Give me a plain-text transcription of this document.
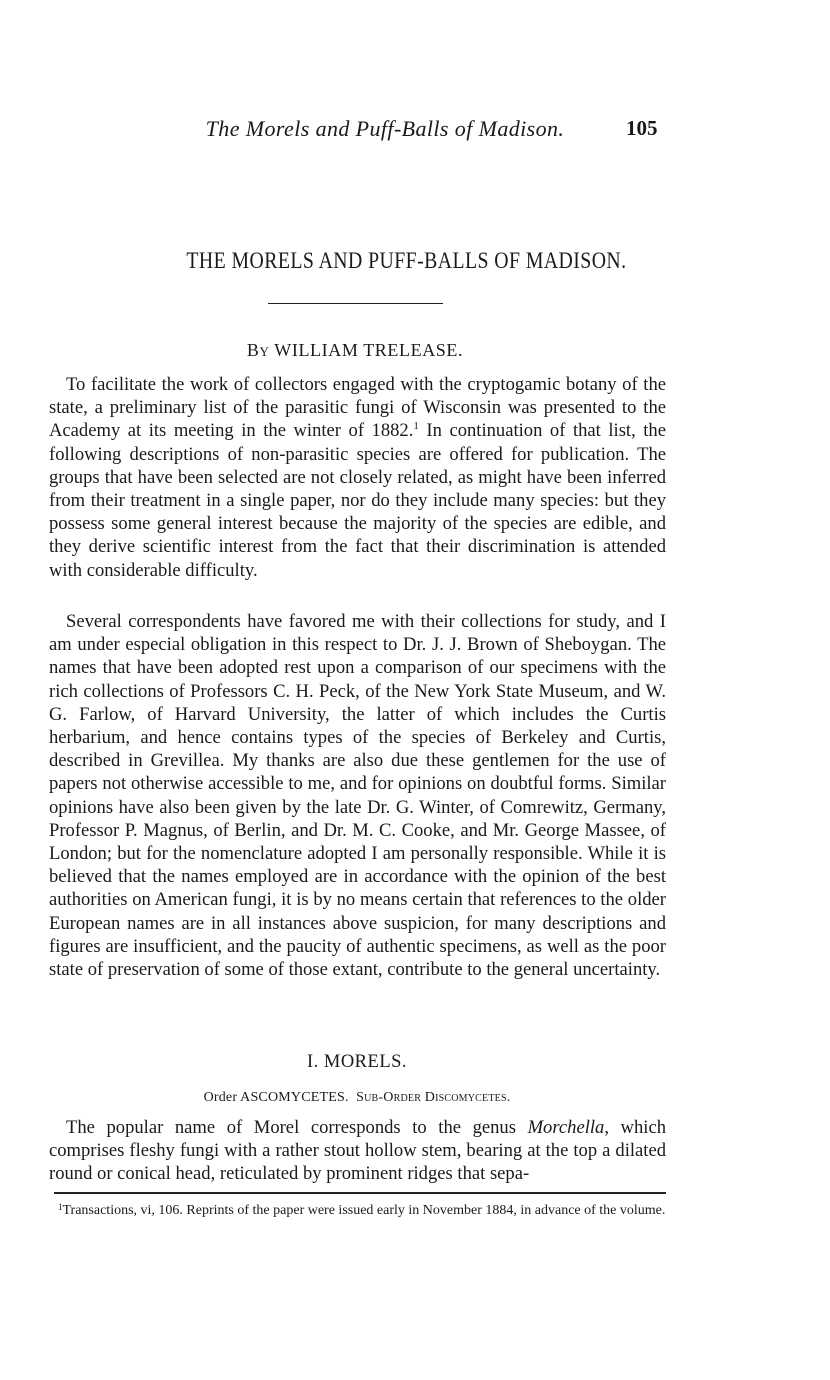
The Morels and Puff-Balls of Madison.	105
THE MORELS AND PUFF-BALLS OF MADISON.
By WILLIAM TRELEASE.

To facilitate the work of collectors engaged with the cryptogamic botany of the state, a preliminary list of the parasitic fungi of Wisconsin was presented to the Academy at its meeting in the winter of 1882.$^1$ In continuation of that list, the following descriptions of non-parasitic species are offered for publication. The groups that have been selected are not closely related, as might have been inferred from their treatment in a single paper, nor do they include many species: but they possess some general interest because the majority of the species are edible, and they derive scientific interest from the fact that their discrimination is attended with considerable difficulty.

Several correspondents have favored me with their collections for study, and I am under especial obligation in this respect to Dr. J. J. Brown of Sheboygan. The names that have been adopted rest upon a comparison of our specimens with the rich collections of Professors C. H. Peck, of the New York State Museum, and W. G. Farlow, of Harvard University, the latter of which includes the Curtis herbarium, and hence contains types of the species of Berkeley and Curtis, described in Grevillea. My thanks are also due these gentlemen for the use of papers not otherwise accessible to me, and for opinions on doubtful forms. Similar opinions have also been given by the late Dr. G. Winter, of Comrewitz, Germany, Professor P. Magnus, of Berlin, and Dr. M. C. Cooke, and Mr. George Massee, of London; but for the nomenclature adopted I am personally responsible. While it is believed that the names employed are in accordance with the opinion of the best authorities on American fungi, it is by no means certain that references to the older European names are in all instances above suspicion, for many descriptions and figures are insufficient, and the paucity of authentic specimens, as well as the poor state of preservation of some of those extant, contribute to the general uncertainty.

I. MORELS.
Order ASCOMYCETES. Sub-Order Discomycetes.

The popular name of Morel corresponds to the genus Morchella, which comprises fleshy fungi with a rather stout hollow stem, bearing at the top a dilated round or conical head, reticulated by prominent ridges that sepa-

$^1$Transactions, vi, 106. Reprints of the paper were issued early in November 1884, in advance of the volume.
